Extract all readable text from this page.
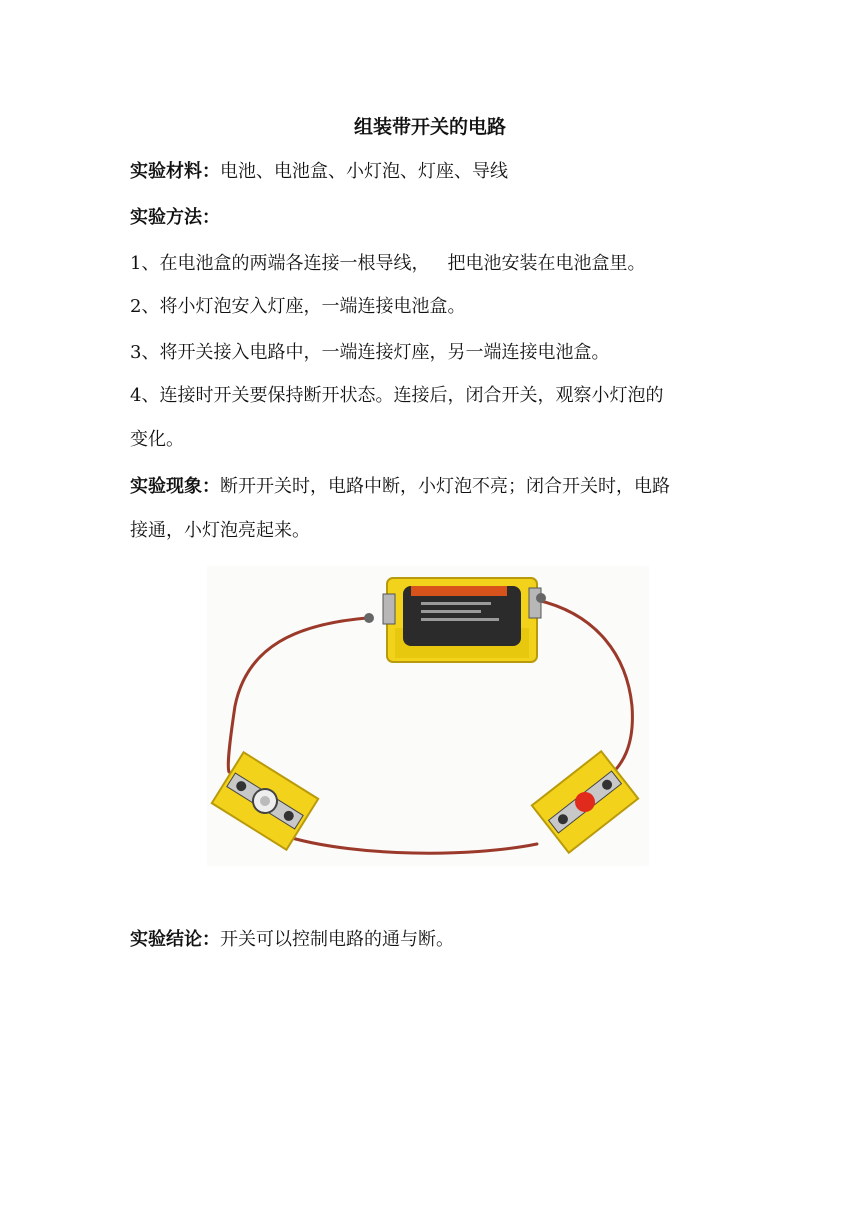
组装带开关的电路
实验材料：电池、电池盒、小灯泡、灯座、导线
实验方法：
1、在电池盒的两端各连接一根导线， 把电池安装在电池盒里。
2、将小灯泡安入灯座，一端连接电池盒。
3、将开关接入电路中，一端连接灯座，另一端连接电池盒。
4、连接时开关要保持断开状态。连接后，闭合开关，观察小灯泡的
变化。
实验现象：断开开关时，电路中断，小灯泡不亮；闭合开关时，电路
接通，小灯泡亮起来。
实验结论：开关可以控制电路的通与断。
